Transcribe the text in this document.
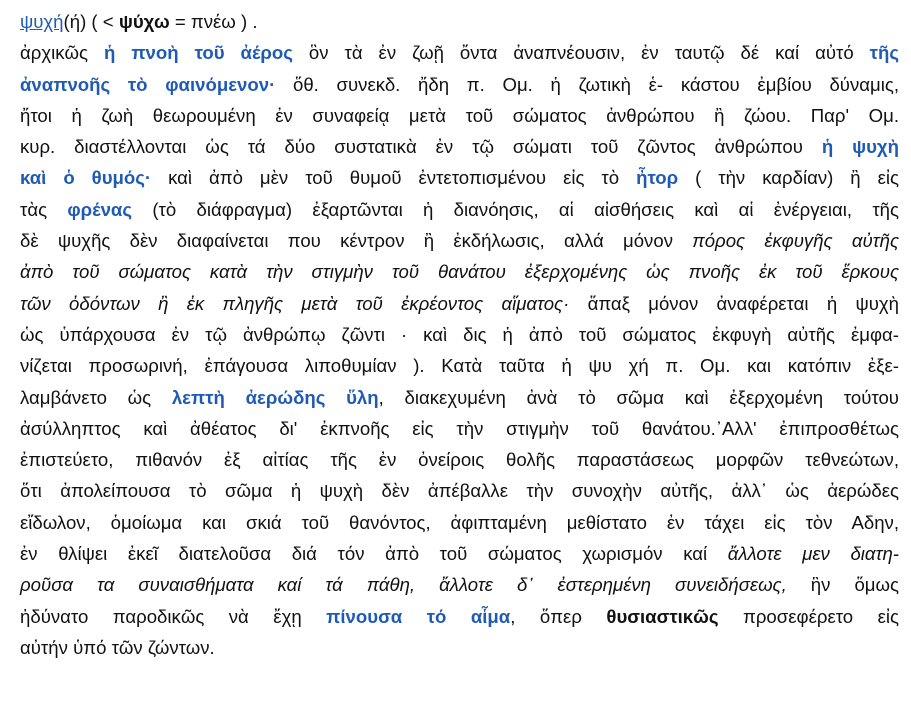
ψυχή(ή) ( < ψύχω = πνέω ) .
ἀρχικῶς ἡ πνοὴ τοῦ ἀέρος ὃν τὰ ἐν ζωῇ ὄντα ἀναπνέουσιν, ἐν ταυτῷ δέ καί αὐτό τῆς
ἀναπνοῆς τὸ φαινόμενον· ὅθ. συνεκδ. ἤδη π. Ομ. ἡ ζωτικὴ ἑ- κάστου ἐμβίου δύναμις,
ἤτοι ἡ ζωὴ θεωρουμένη ἐν συναφείᾳ μετὰ τοῦ σώματος ἀνθρώπου ἢ ζώου. Παρ' Ομ.
κυρ. διαστέλλονται ὡς τά δύο συστατικὰ ἐν τῷ σώματι τοῦ ζῶντος ἀνθρώπου ἡ ψυχὴ
καὶ ὁ θυμός· καὶ ἀπὸ μὲν τοῦ θυμοῦ ἐντετοπισμένου εἰς τὸ ἦτορ ( τὴν καρδίαν) ἢ εἰς
τὰς φρένας (τὸ διάφραγμα) ἐξαρτῶνται ἡ διανόησις, αἱ αἰσθήσεις καὶ αἱ ἐνέργειαι, τῆς
δὲ ψυχῆς δὲν διαφαίνεται που κέντρον ἢ ἐκδήλωσις, αλλά μόνον πόρος ἐκφυγῆς αὐτῆς
ἀπὸ τοῦ σώματος κατὰ τὴν στιγμὴν τοῦ θανάτου ἐξερχομένης ὡς πνοῆς ἐκ τοῦ ἕρκους
τῶν ὀδόντων ἢ ἐκ πληγῆς μετὰ τοῦ ἐκρέοντος αἵματος· ἅπαξ μόνον ἀναφέρεται ἡ ψυχὴ
ὡς ὑπάρχουσα ἐν τῷ ἀνθρώπῳ ζῶντι · καὶ δις ἡ ἀπὸ τοῦ σώματος ἐκφυγὴ αὐτῆς ἐμφα-
νίζεται προσωρινή, ἐπάγουσα λιποθυμίαν ). Κατὰ ταῦτα ἡ ψυ χή π. Ομ. και κατόπιν ἐξε-
λαμβάνετο ὡς λεπτὴ ἀερώδης ὕλη, διακεχυμένη ἀνὰ τὸ σῶμα καὶ ἐξερχομένη τούτου
ἀσύλληπτος καὶ ἀθέατος δι' ἐκπνοῆς εἰς τὴν στιγμὴν τοῦ θανάτου.᾽Αλλ' ἐπιπροσθέτως
ἐπιστεύετο, πιθανόν ἐξ αἰτίας τῆς ἐν ὀνείροις θολῆς παραστάσεως μορφῶν τεθνεώτων,
ὅτι ἀπολείπουσα τὸ σῶμα ἡ ψυχὴ δὲν ἀπέβαλλε τὴν συνοχὴν αὐτῆς, ἀλλ᾽ ὡς ἀερώδες
εἴδωλον, ὁμοίωμα και σκιά τοῦ θανόντος, ἀφιπταμένη μεθίστατο ἐν τάχει εἰς τὸν Αδην,
ἐν θλίψει ἐκεῖ διατελοῦσα διά τόν ἀπὸ τοῦ σώματος χωρισμόν καί ἄλλοτε μεν διατη-
ροῦσα τα συναισθήματα καί τά πάθη, ἄλλοτε δ᾽ ἐστερημένη συνειδήσεως, ἣν ὅμως
ἠδύνατο παροδικῶς νὰ ἔχῃ πίνουσα τό αἷμα, ὅπερ θυσιαστικῶς προσεφέρετο εἰς
αὐτήν ὑπό τῶν ζώντων.
